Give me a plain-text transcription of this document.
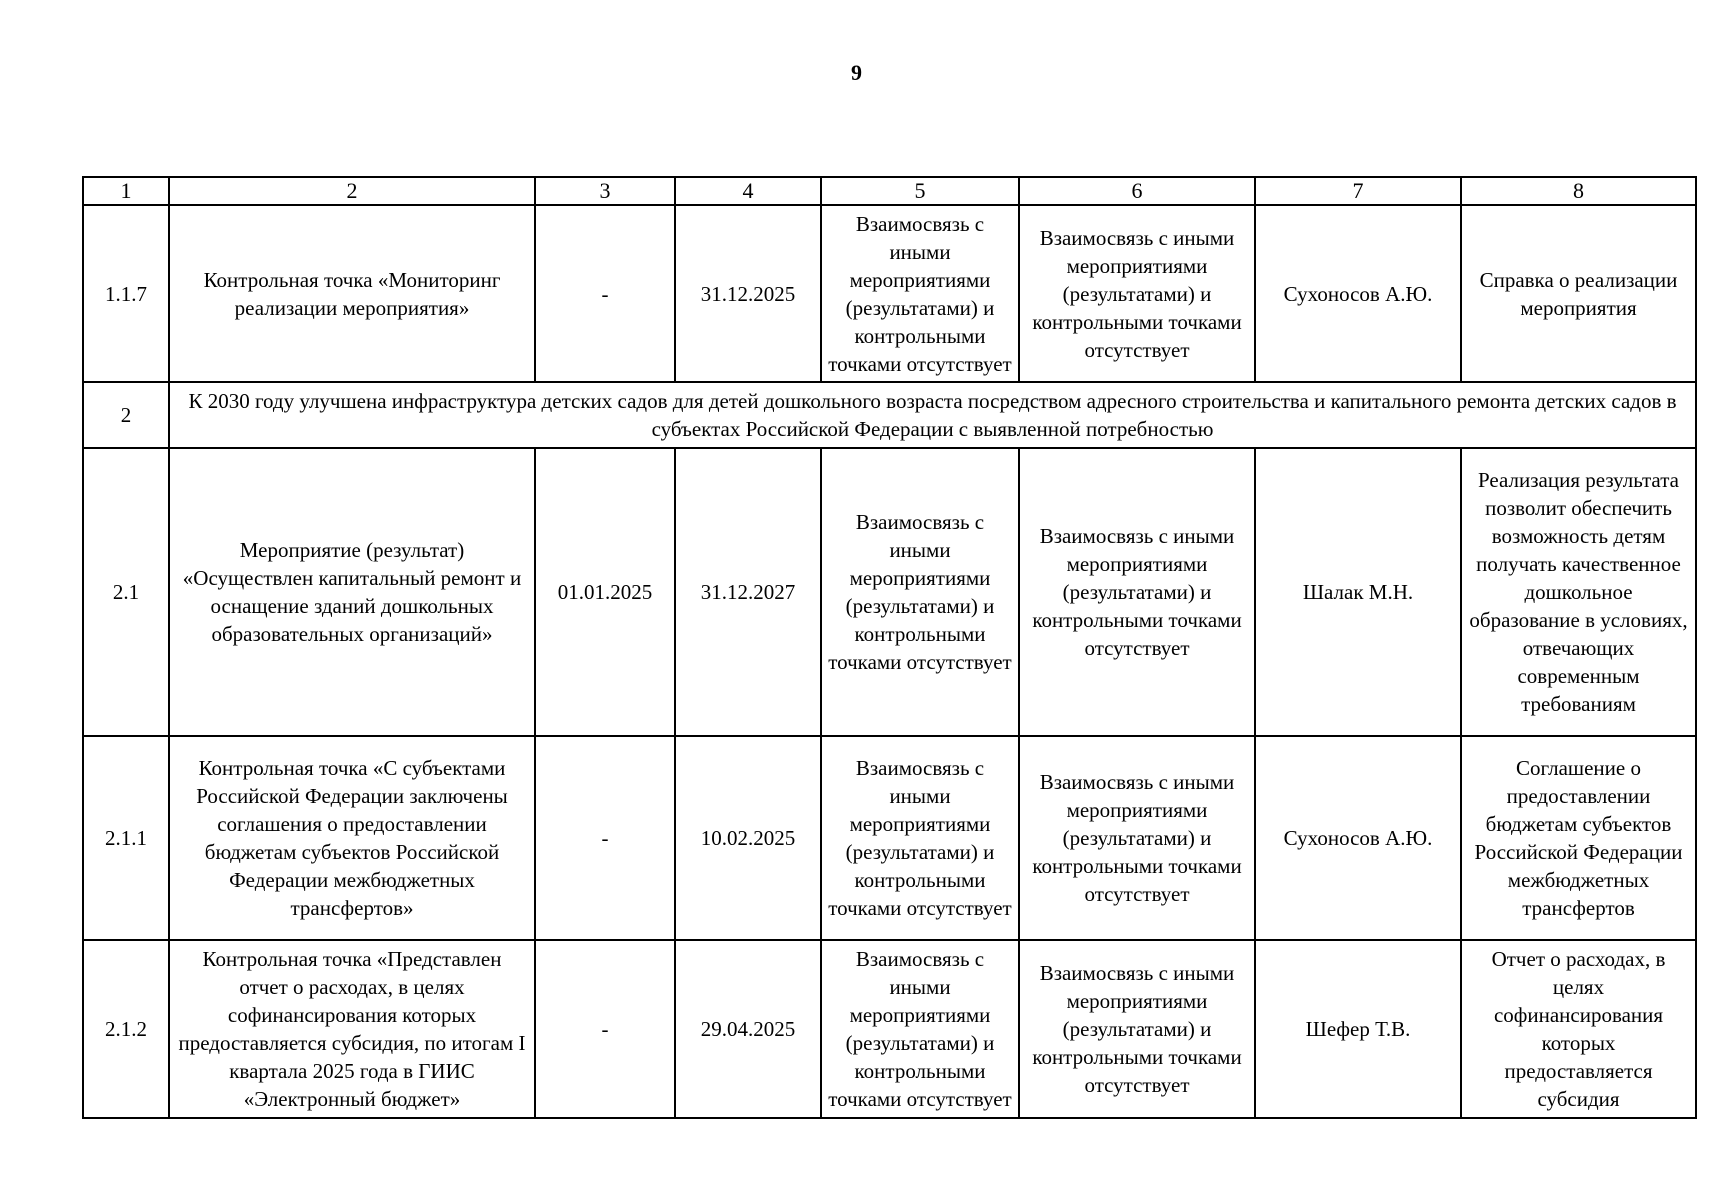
9
1	2	3	4	5	6	7	8
1.1.7	Контрольная точка «Мониторинг реализации мероприятия»	-	31.12.2025	Взаимосвязь с иными мероприятиями (результатами) и контрольными точками отсутствует	Взаимосвязь с иными мероприятиями (результатами) и контрольными точками отсутствует	Сухоносов А.Ю.	Справка о реализации мероприятия
2	К 2030 году улучшена инфраструктура детских садов для детей дошкольного возраста посредством адресного строительства и капитального ремонта детских садов в субъектах Российской Федерации с выявленной потребностью						
2.1	Мероприятие (результат) «Осуществлен капитальный ремонт и оснащение зданий дошкольных образовательных организаций»	01.01.2025	31.12.2027	Взаимосвязь с иными мероприятиями (результатами) и контрольными точками отсутствует	Взаимосвязь с иными мероприятиями (результатами) и контрольными точками отсутствует	Шалак М.Н.	Реализация результата позволит обеспечить возможность детям получать качественное дошкольное образование в условиях, отвечающих современным требованиям
2.1.1	Контрольная точка «С субъектами Российской Федерации заключены соглашения о предоставлении бюджетам субъектов Российской Федерации межбюджетных трансфертов»	-	10.02.2025	Взаимосвязь с иными мероприятиями (результатами) и контрольными точками отсутствует	Взаимосвязь с иными мероприятиями (результатами) и контрольными точками отсутствует	Сухоносов А.Ю.	Соглашение о предоставлении бюджетам субъектов Российской Федерации межбюджетных трансфертов
2.1.2	Контрольная точка «Представлен отчет о расходах, в целях софинансирования которых предоставляется субсидия, по итогам I квартала 2025 года в ГИИС «Электронный бюджет»	-	29.04.2025	Взаимосвязь с иными мероприятиями (результатами) и контрольными точками отсутствует	Взаимосвязь с иными мероприятиями (результатами) и контрольными точками отсутствует	Шефер Т.В.	Отчет о расходах, в целях софинансирования которых предоставляется субсидия
